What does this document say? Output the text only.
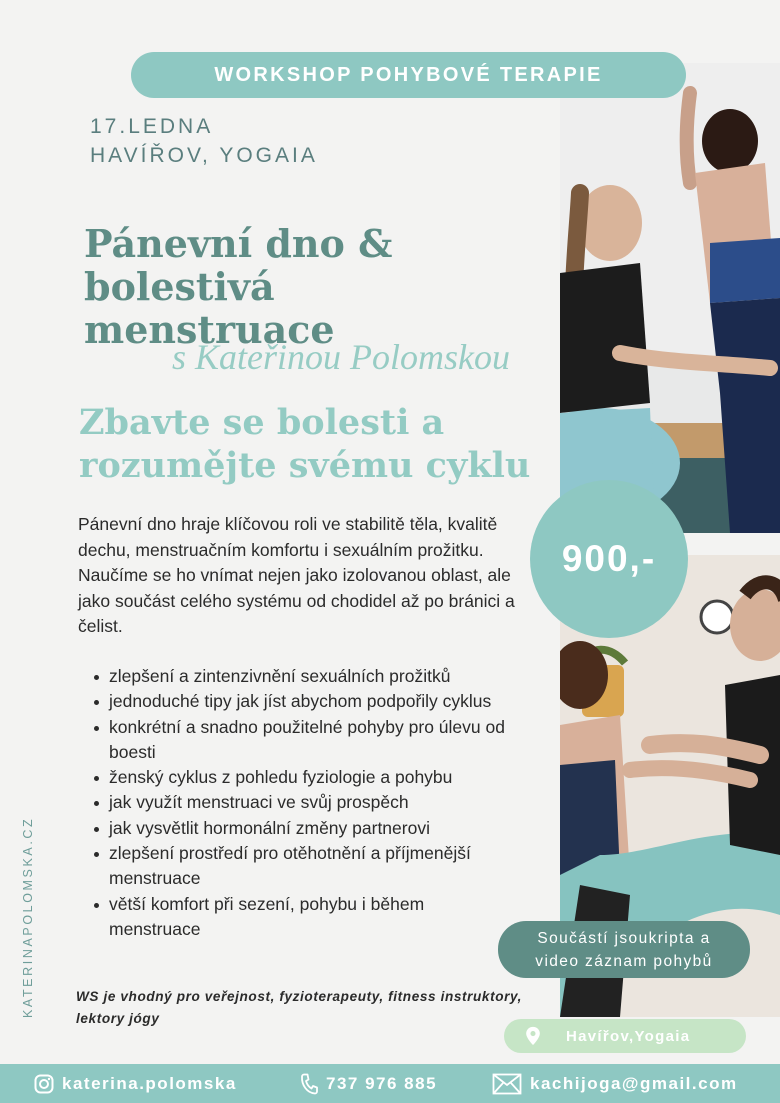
WORKSHOP POHYBOVÉ TERAPIE
17.LEDNA
HAVÍŘOV, YOGAIA
Pánevní dno & bolestivá
menstruace
s Kateřinou Polomskou
Zbavte se bolesti a
rozumějte svému cyklu

Pánevní dno hraje klíčovou roli ve stabilitě těla, kvalitě dechu, menstruačním komfortu i sexuálním prožitku. Naučíme se ho vnímat nejen jako izolovanou oblast, ale jako součást celého systému od chodidel až po bránici a čelist.

zlepšení a zintenzivnění sexuálních prožitků
jednoduché tipy jak jíst abychom podpořily cyklus
konkrétní a snadno použitelné pohyby pro úlevu od boesti
ženský cyklus z pohledu fyziologie a pohybu
jak využít menstruaci ve svůj prospěch
jak vysvětlit hormonální změny partnerovi
zlepšení prostředí pro otěhotnění a příjmenější menstruace
větší komfort při sezení, pohybu i během menstruace

WS je vhodný pro veřejnost, fyzioterapeuty, fitness instruktory, lektory jógy

KATERINAPOLOMSKA.CZ
900,-
Součástí jsoukripta a
video záznam pohybů
Havířov,Yogaia
katerina.polomska	737 976 885	kachijoga@gmail.com
